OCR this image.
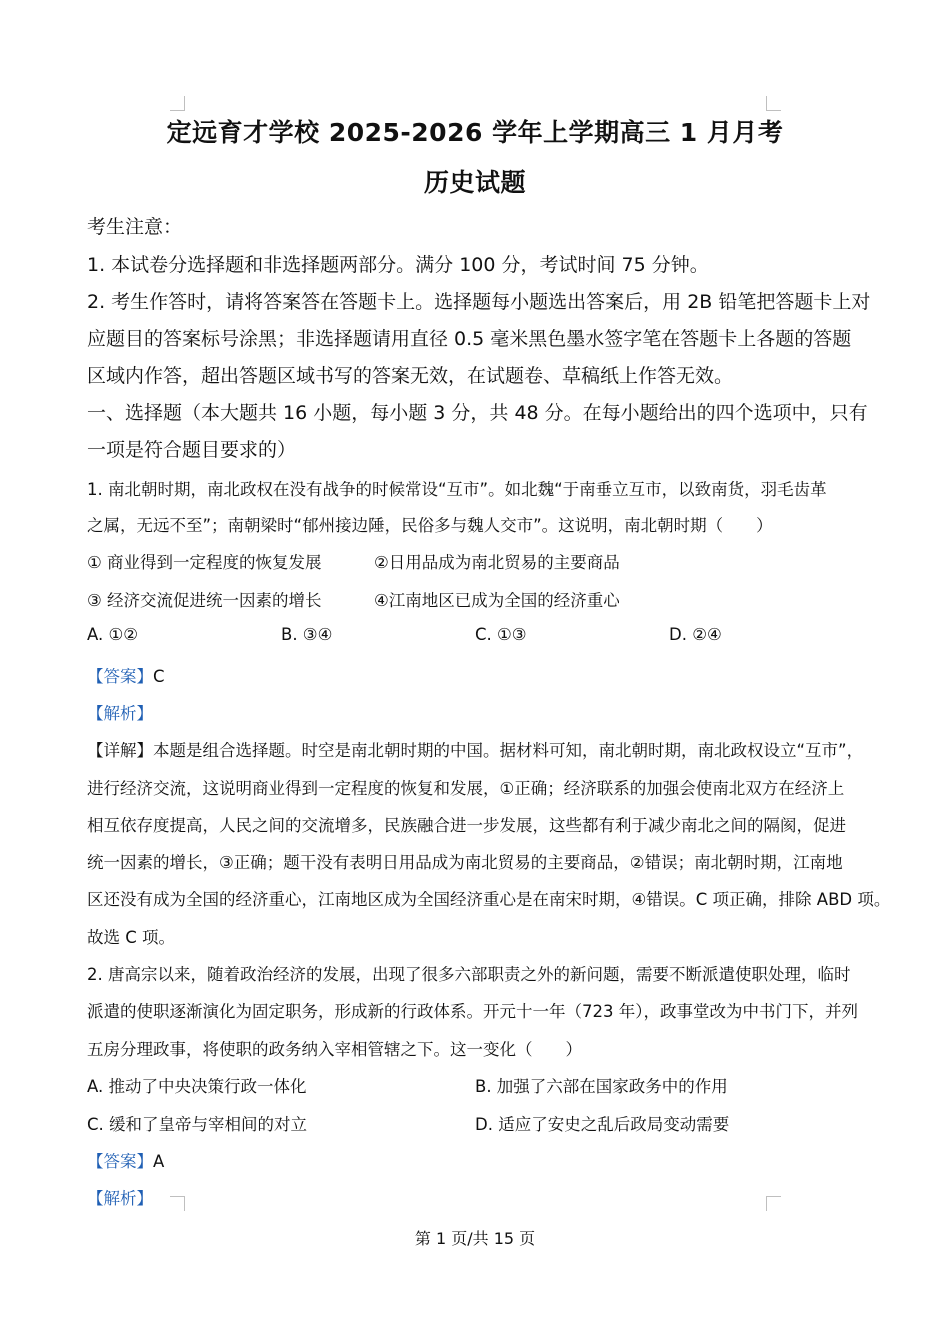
定远育才学校 2025-2026 学年上学期高三 1 月月考
历史试题
考生注意：
1. 本试卷分选择题和非选择题两部分。满分 100 分，考试时间 75 分钟。
2. 考生作答时，请将答案答在答题卡上。选择题每小题选出答案后，用 2B 铅笔把答题卡上对
应题目的答案标号涂黑；非选择题请用直径 0.5 毫米黑色墨水签字笔在答题卡上各题的答题
区域内作答，超出答题区域书写的答案无效，在试题卷、草稿纸上作答无效。
一、选择题（本大题共 16 小题，每小题 3 分，共 48 分。在每小题给出的四个选项中，只有
一项是符合题目要求的）
1. 南北朝时期，南北政权在没有战争的时候常设“互市”。如北魏“于南垂立互市，以致南货，羽毛齿革
之属，无远不至”；南朝梁时“郁州接边陲，民俗多与魏人交市”。这说明，南北朝时期（　　）
① 商业得到一定程度的恢复发展	②日用品成为南北贸易的主要商品
③ 经济交流促进统一因素的增长	④江南地区已成为全国的经济重心
A. ①②	B. ③④	C. ①③	D. ②④
【答案】C
【解析】
【详解】本题是组合选择题。时空是南北朝时期的中国。据材料可知，南北朝时期，南北政权设立“互市”，
进行经济交流，这说明商业得到一定程度的恢复和发展，①正确；经济联系的加强会使南北双方在经济上
相互依存度提高，人民之间的交流增多，民族融合进一步发展，这些都有利于减少南北之间的隔阂，促进
统一因素的增长，③正确；题干没有表明日用品成为南北贸易的主要商品，②错误；南北朝时期，江南地
区还没有成为全国的经济重心，江南地区成为全国经济重心是在南宋时期，④错误。C 项正确，排除 ABD 项。
故选 C 项。
2. 唐高宗以来，随着政治经济的发展，出现了很多六部职责之外的新问题，需要不断派遣使职处理，临时
派遣的使职逐渐演化为固定职务，形成新的行政体系。开元十一年（723 年），政事堂改为中书门下，并列
五房分理政事，将使职的政务纳入宰相管辖之下。这一变化（　　）
A. 推动了中央决策行政一体化	B. 加强了六部在国家政务中的作用
C. 缓和了皇帝与宰相间的对立	D. 适应了安史之乱后政局变动需要
【答案】A
【解析】
第 1 页/共 15 页
